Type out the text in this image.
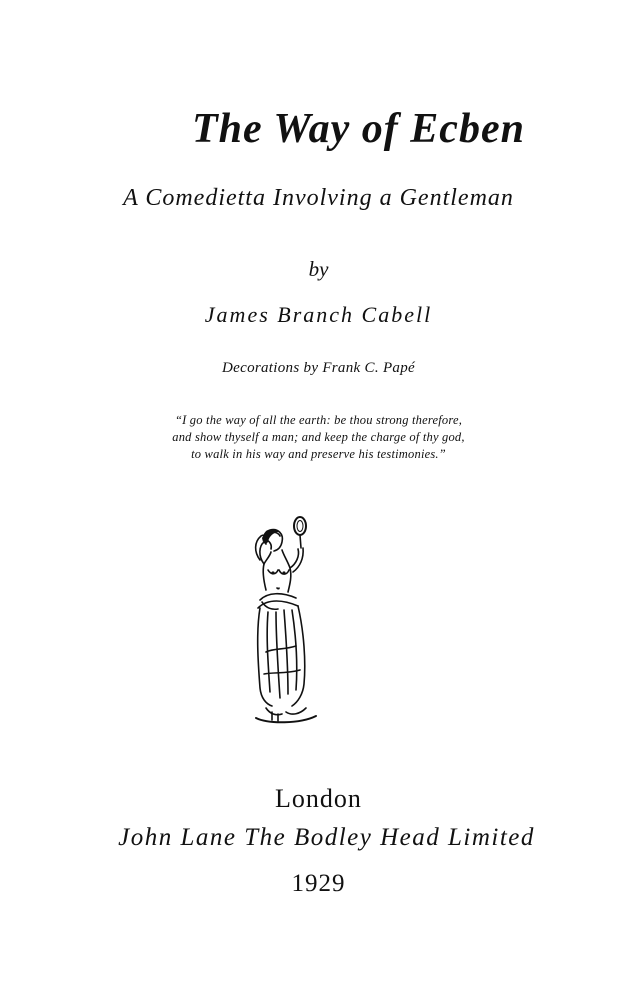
The Way of Ecben

A Comedietta Involving a Gentleman

by

James Branch Cabell

Decorations by Frank C. Papé

“I go the way of all the earth: be thou strong therefore,
and show thyself a man; and keep the charge of thy god,
to walk in his way and preserve his testimonies.”

London

John Lane The Bodley Head Limited

1929
